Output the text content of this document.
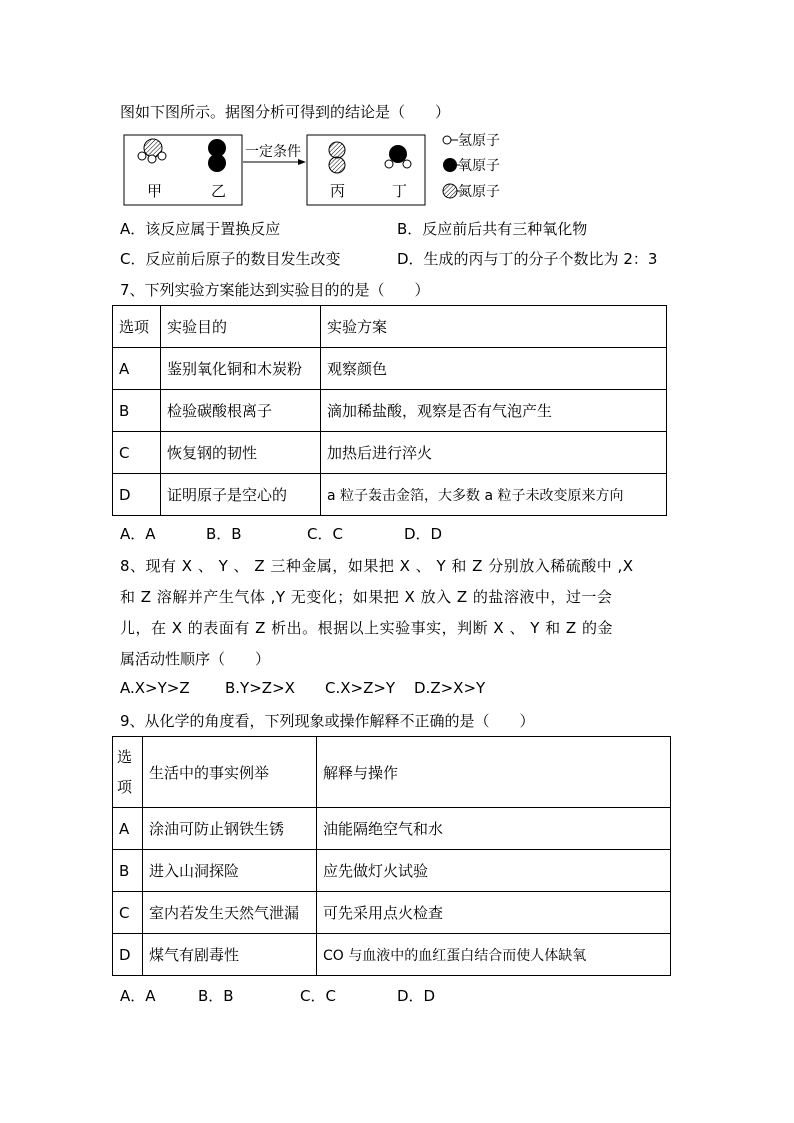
图如下图所示。据图分析可得到的结论是（　　）
甲	乙
一定条件
丙	丁
氢原子
氧原子
氮原子
A．该反应属于置换反应	B．反应前后共有三种氧化物
C．反应前后原子的数目发生改变	D．生成的丙与丁的分子个数比为 2：3
7、下列实验方案能达到实验目的的是（　　）
选项	实验目的	实验方案
A	鉴别氧化铜和木炭粉	观察颜色
B	检验碳酸根离子	滴加稀盐酸，观察是否有气泡产生
C	恢复钢的韧性	加热后进行淬火
D	证明原子是空心的	a 粒子轰击金箔，大多数 a 粒子未改变原来方向
A．A	B．B	C．C	D．D
8、现有 X 、 Y 、 Z 三种金属，如果把 X 、 Y 和 Z 分别放入稀硫酸中 ,X
和 Z 溶解并产生气体 ,Y 无变化；如果把 X 放入 Z 的盐溶液中，过一会
儿，在 X 的表面有 Z 析出。根据以上实验事实，判断 X 、 Y 和 Z 的金
属活动性顺序（　　）
A.X>Y>Z B.Y>Z>X C.X>Z>Y D.Z>X>Y
9、从化学的角度看，下列现象或操作解释不正确的是（　　）
选项	生活中的事实例举	解释与操作
A	涂油可防止钢铁生锈	油能隔绝空气和水
B	进入山洞探险	应先做灯火试验
C	室内若发生天然气泄漏	可先采用点火检查
D	煤气有剧毒性	CO 与血液中的血红蛋白结合而使人体缺氧
A．A	B．B	C．C	D．D
